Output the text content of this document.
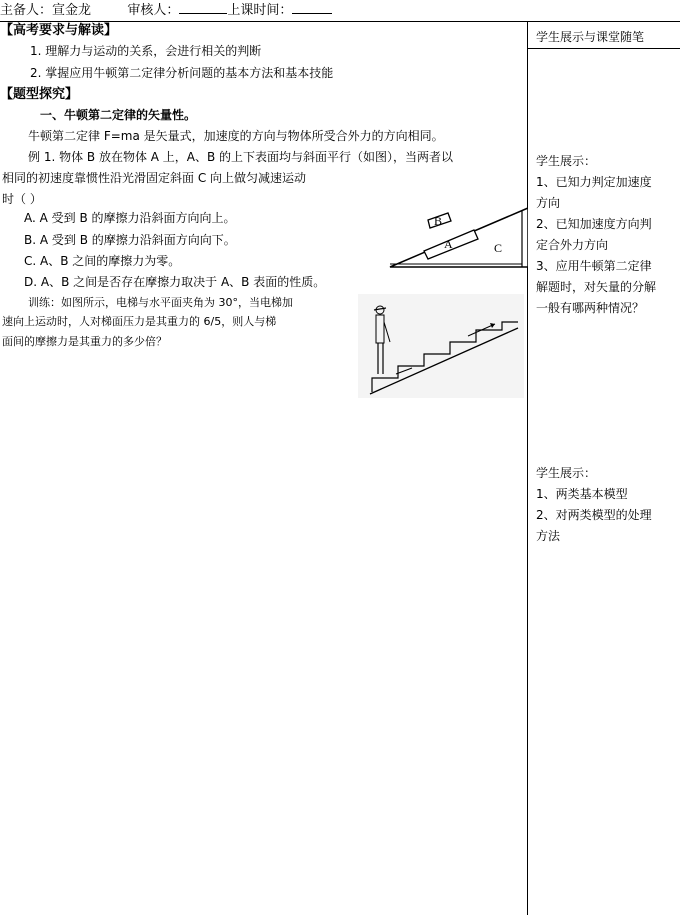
主备人：宣金龙	审核人：	上课时间：
【高考要求与解读】
1. 理解力与运动的关系，会进行相关的判断
2. 掌握应用牛顿第二定律分析问题的基本方法和基本技能
【题型探究】
一、牛顿第二定律的矢量性。
牛顿第二定律 F=ma 是矢量式，加速度的方向与物体所受合外力的方向相同。
例 1. 物体 B 放在物体 A 上，A、B 的上下表面均与斜面平行（如图），当两者以
相同的初速度靠惯性沿光滑固定斜面 C 向上做匀减速运动
时（ ）
A. A 受到 B 的摩擦力沿斜面方向向上。
B. A 受到 B 的摩擦力沿斜面方向向下。
C. A、B 之间的摩擦力为零。
D. A、B 之间是否存在摩擦力取决于 A、B 表面的性质。
训练：如图所示，电梯与水平面夹角为 30°，当电梯加
速向上运动时，人对梯面压力是其重力的 6/5，则人与梯
面间的摩擦力是其重力的多少倍？
B
A	C
学生展示与课堂随笔
学生展示：
1、已知力判定加速度
方向
2、已知加速度方向判
定合外力方向
3、应用牛顿第二定律
解题时，对矢量的分解
一般有哪两种情况？
学生展示：
1、两类基本模型
2、对两类模型的处理
方法
